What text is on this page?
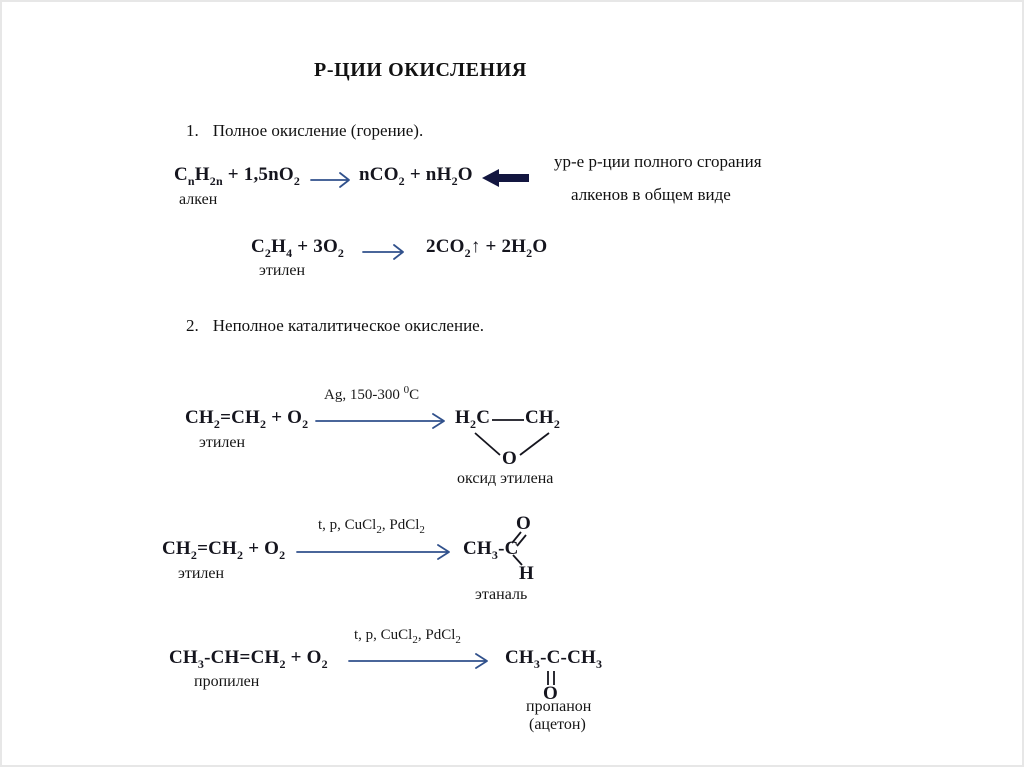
Р-ЦИИ ОКИСЛЕНИЯ
1. Полное окисление (горение).
$C_nH_{2n} + 1,5nO_2 \to nCO_2 + nH_2O$
алкен
ур-е р-ции полного сгорания
алкенов в общем виде
$C_2H_4 + 3O_2$ → $2CO_2↑ + 2H_2O$
этилен
2. Неполное каталитическое окисление.
Ag, 150-300 $^0$C
$CH_2=CH_2 + O_2$
этилен
$H_2C$ $CH_2$
O
оксид этилена
t, p, CuCl$_2$, PdCl$_2$
$CH_2=CH_2 + O_2$
этилен
$CH_3-C$
O
H
этаналь
t, p, CuCl$_2$, PdCl$_2$
$CH_3-CH=CH_2 + O_2$
пропилен
$CH_3-C-CH_3$
O
пропанон
(ацетон)
